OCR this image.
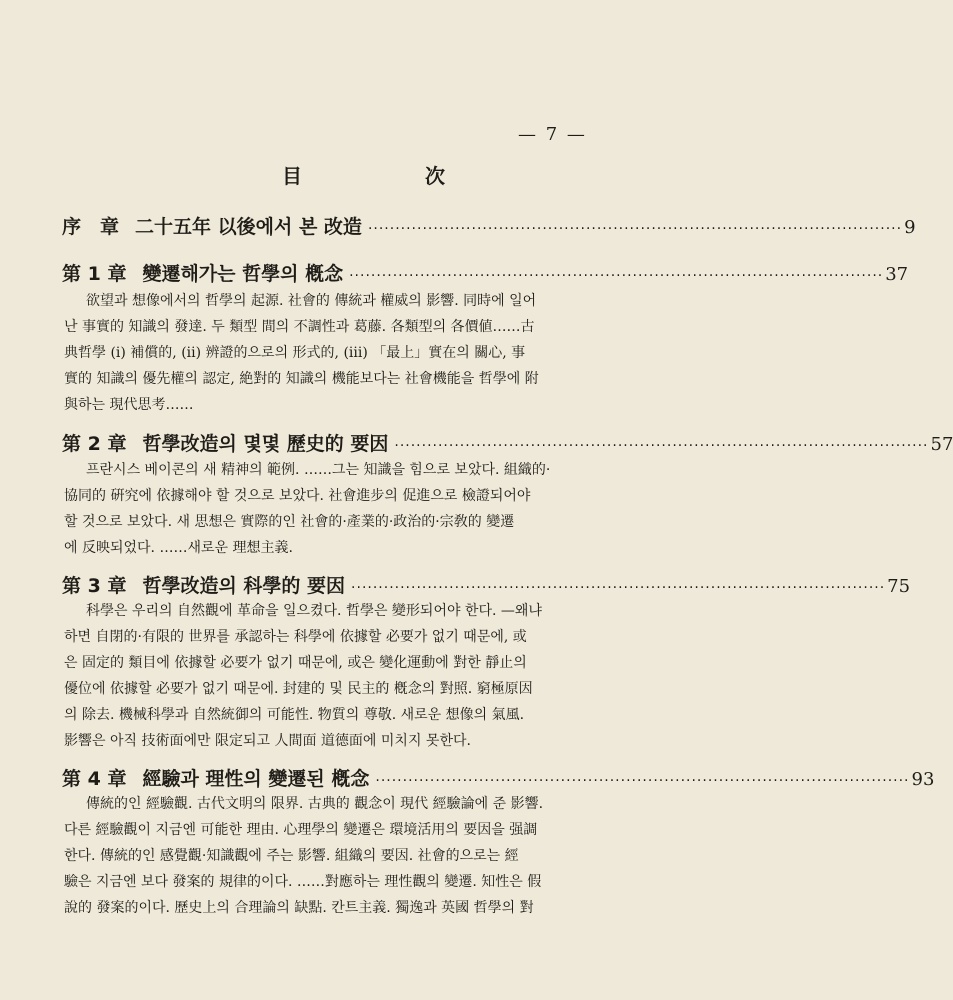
— 7 —
目 次
序　章 二十五年 以後에서 본 改造 ·································································································· 9
第 1 章 變遷해가는 哲學의 槪念 ·································································································· 37
欲望과 想像에서의 哲學의 起源. 社會的 傳統과 權威의 影響. 同時에 일어
난 事實的 知識의 發達. 두 類型 間의 不調性과 葛藤. 各類型의 各價値……古
典哲學 (i) 補償的, (ii) 辨證的으로의 形式的, (iii) 「最上」實在의 關心, 事
實的 知識의 優先權의 認定, 絶對的 知識의 機能보다는 社會機能을 哲學에 附
與하는 現代思考……
第 2 章 哲學改造의 몇몇 歷史的 要因 ·································································································· 57
프란시스 베이콘의 새 精神의 範例. ……그는 知識을 힘으로 보았다. 組織的·
協同的 硏究에 依據해야 할 것으로 보았다. 社會進步의 促進으로 檢證되어야
할 것으로 보았다. 새 思想은 實際的인 社會的·產業的·政治的·宗敎的 變遷
에 反映되었다. ……새로운 理想主義.
第 3 章 哲學改造의 科學的 要因 ·································································································· 75
科學은 우리의 自然觀에 革命을 일으켰다. 哲學은 變形되어야 한다. —왜냐
하면 自閉的·有限的 世界를 承認하는 科學에 依據할 必要가 없기 때문에, 或
은 固定的 類目에 依據할 必要가 없기 때문에, 或은 變化運動에 對한 靜止의
優位에 依據할 必要가 없기 때문에. 封建的 및 民主的 槪念의 對照. 窮極原因
의 除去. 機械科學과 自然統御의 可能性. 物質의 尊敬. 새로운 想像의 氣風.
影響은 아직 技術面에만 限定되고 人間面 道德面에 미치지 못한다.
第 4 章 經驗과 理性의 變遷된 槪念 ·································································································· 93
傳統的인 經驗觀. 古代文明의 限界. 古典的 觀念이 現代 經驗論에 준 影響.
다른 經驗觀이 지금엔 可能한 理由. 心理學의 變遷은 環境活用의 要因을 强調
한다. 傳統的인 感覺觀·知識觀에 주는 影響. 組織의 要因. 社會的으로는 經
驗은 지금엔 보다 發案的 規律的이다. ……對應하는 理性觀의 變遷. 知性은 假
說的 發案的이다. 歷史上의 合理論의 缺點. 칸트主義. 獨逸과 英國 哲學의 對
